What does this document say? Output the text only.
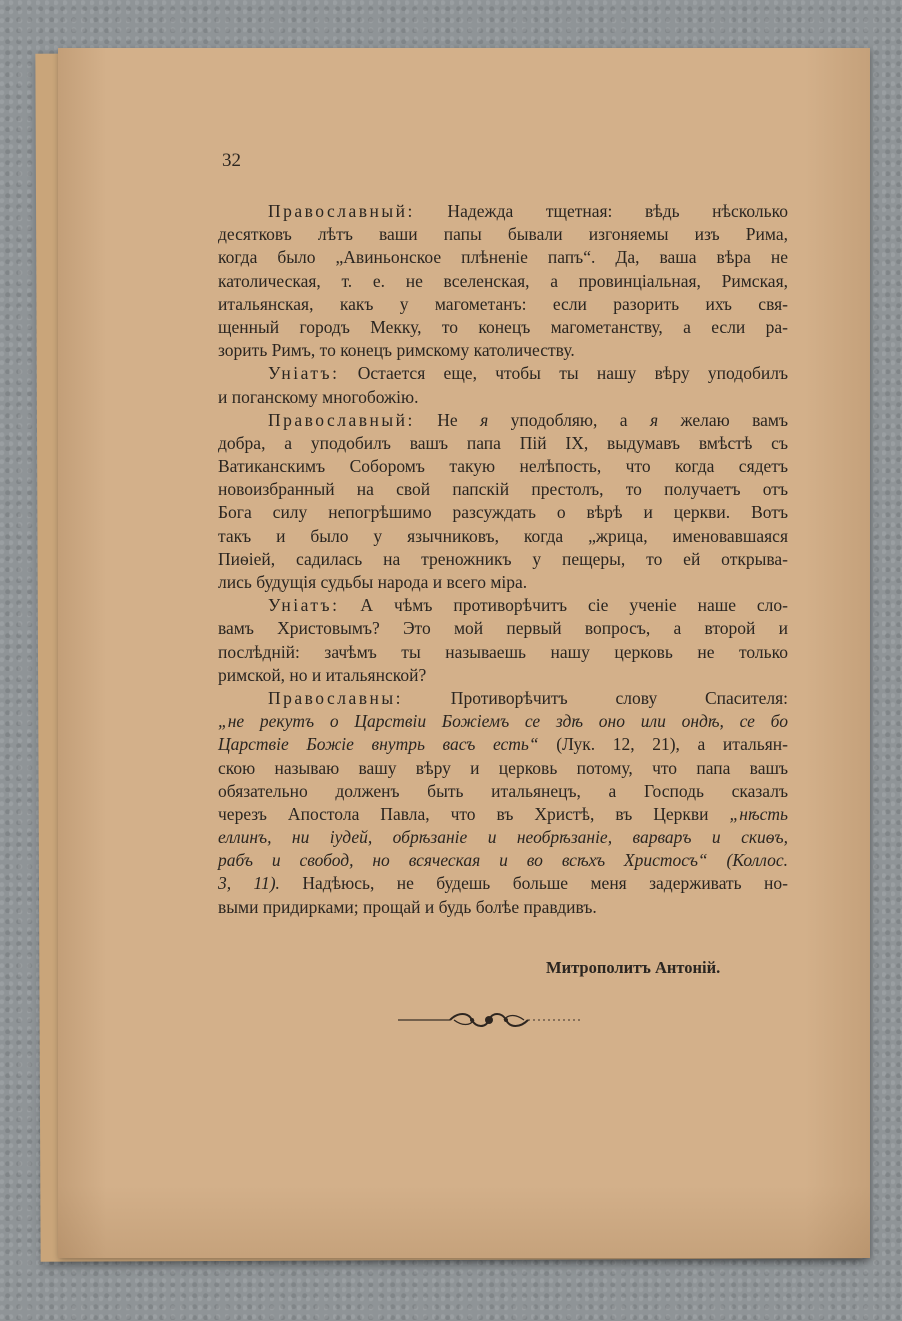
32
Православный: Надежда тщетная: вѣдь нѣсколько
десятковъ лѣтъ ваши папы бывали изгоняемы изъ Рима,
когда было „Авиньонское плѣненіе папъ“. Да, ваша вѣра не
католическая, т. е. не вселенская, а провинціальная, Римская,
итальянская, какъ у магометанъ: если разорить ихъ свя-
щенный городъ Мекку, то конецъ магометанству, а если ра-
зорить Римъ, то конецъ римскому католичеству.
Уніатъ: Остается еще, чтобы ты нашу вѣру уподобилъ
и поганскому многобожію.
Православный: Не я уподобляю, а я желаю вамъ
добра, а уподобилъ вашъ папа Пій IX, выдумавъ вмѣстѣ съ
Ватиканскимъ Соборомъ такую нелѣпость, что когда сядетъ
новоизбранный на свой папскій престолъ, то получаетъ отъ
Бога силу непогрѣшимо разсуждать о вѣрѣ и церкви. Вотъ
такъ и было у язычниковъ, когда „жрица, именовавшаяся
Пиѳіей, садилась на треножникъ у пещеры, то ей открыва-
лись будущія судьбы народа и всего міра.
Уніатъ: А чѣмъ противорѣчитъ сіе ученіе наше сло-
вамъ Христовымъ? Это мой первый вопросъ, а второй и
послѣдній: зачѣмъ ты называешь нашу церковь не только
римской, но и итальянской?
Православны: Противорѣчитъ слову Спасителя:
„не рекутъ о Царствіи Божіемъ се здѣ оно или ондѣ, се бо
Царствіе Божіе внутрь васъ есть“ (Лук. 12, 21), а итальян-
скою называю вашу вѣру и церковь потому, что папа вашъ
обязательно долженъ быть итальянецъ, а Господь сказалъ
черезъ Апостола Павла, что въ Христѣ, въ Церкви „нѣсть
еллинъ, ни іудей, обрѣзаніе и необрѣзаніе, варваръ и скиѳъ,
рабъ и свобод, но всяческая и во всѣхъ Христосъ“ (Коллос.
3, 11). Надѣюсь, не будешь больше меня задерживать но-
выми придирками; прощай и будь болѣе правдивъ.
Митрополитъ Антоній.
